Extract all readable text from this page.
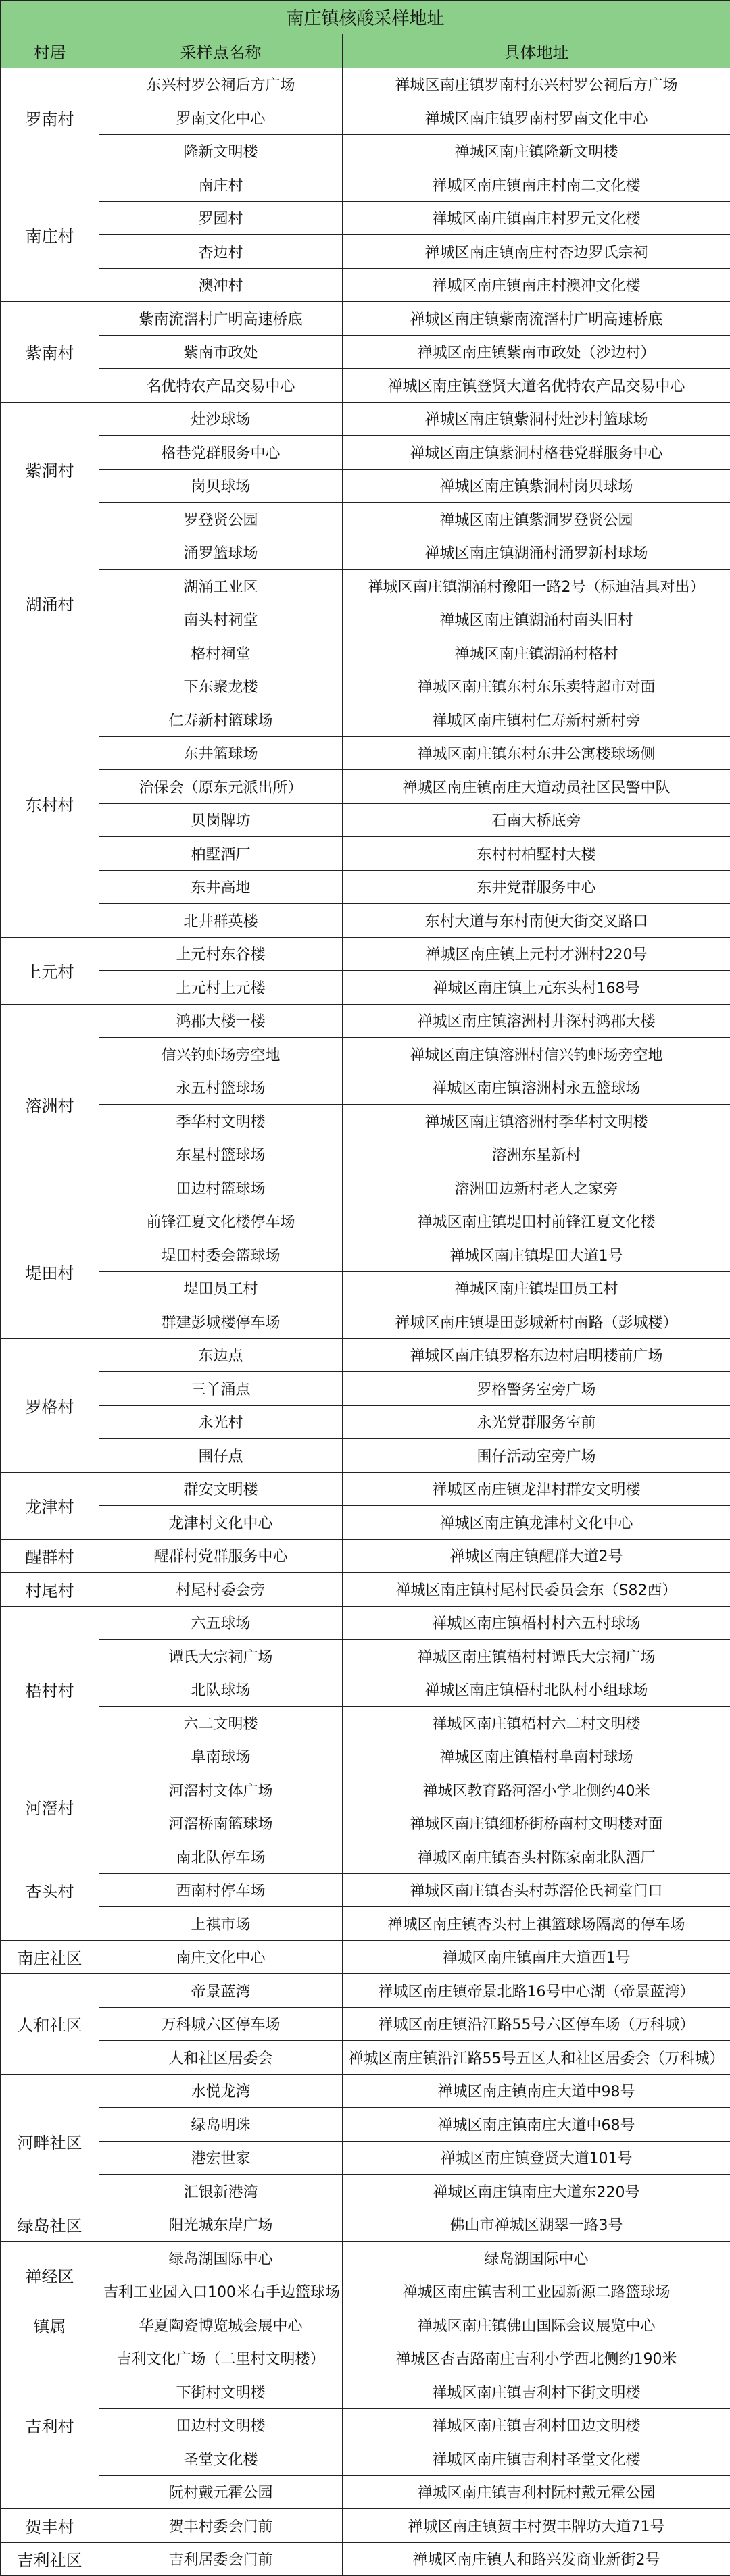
南庄镇核酸采样地址		
村居	采样点名称	具体地址
罗南村	东兴村罗公祠后方广场	禅城区南庄镇罗南村东兴村罗公祠后方广场
	罗南文化中心	禅城区南庄镇罗南村罗南文化中心
	隆新文明楼	禅城区南庄镇隆新文明楼
南庄村	南庄村	禅城区南庄镇南庄村南二文化楼
	罗园村	禅城区南庄镇南庄村罗元文化楼
	杏边村	禅城区南庄镇南庄村杏边罗氏宗祠
	澳冲村	禅城区南庄镇南庄村澳冲文化楼
紫南村	紫南流滘村广明高速桥底	禅城区南庄镇紫南流滘村广明高速桥底
	紫南市政处	禅城区南庄镇紫南市政处（沙边村）
	名优特农产品交易中心	禅城区南庄镇登贤大道名优特农产品交易中心
紫洞村	灶沙球场	禅城区南庄镇紫洞村灶沙村篮球场
	格巷党群服务中心	禅城区南庄镇紫洞村格巷党群服务中心
	岗贝球场	禅城区南庄镇紫洞村岗贝球场
	罗登贤公园	禅城区南庄镇紫洞罗登贤公园
湖涌村	涌罗篮球场	禅城区南庄镇湖涌村涌罗新村球场
	湖涌工业区	禅城区南庄镇湖涌村豫阳一路2号（标迪洁具对出）
	南头村祠堂	禅城区南庄镇湖涌村南头旧村
	格村祠堂	禅城区南庄镇湖涌村格村
东村村	下东聚龙楼	禅城区南庄镇东村东乐卖特超市对面
	仁寿新村篮球场	禅城区南庄镇村仁寿新村新村旁
	东井篮球场	禅城区南庄镇东村东井公寓楼球场侧
	治保会（原东元派出所）	禅城区南庄镇南庄大道动员社区民警中队
	贝岗牌坊	石南大桥底旁
	柏墅酒厂	东村村柏墅村大楼
	东井高地	东井党群服务中心
	北井群英楼	东村大道与东村南便大街交叉路口
上元村	上元村东谷楼	禅城区南庄镇上元村才洲村220号
	上元村上元楼	禅城区南庄镇上元东头村168号
溶洲村	鸿郡大楼一楼	禅城区南庄镇溶洲村井深村鸿郡大楼
	信兴钓虾场旁空地	禅城区南庄镇溶洲村信兴钓虾场旁空地
	永五村篮球场	禅城区南庄镇溶洲村永五篮球场
	季华村文明楼	禅城区南庄镇溶洲村季华村文明楼
	东星村篮球场	溶洲东星新村
	田边村篮球场	溶洲田边新村老人之家旁
堤田村	前锋江夏文化楼停车场	禅城区南庄镇堤田村前锋江夏文化楼
	堤田村委会篮球场	禅城区南庄镇堤田大道1号
	堤田员工村	禅城区南庄镇堤田员工村
	群建彭城楼停车场	禅城区南庄镇堤田彭城新村南路（彭城楼）
罗格村	东边点	禅城区南庄镇罗格东边村启明楼前广场
	三丫涌点	罗格警务室旁广场
	永光村	永光党群服务室前
	围仔点	围仔活动室旁广场
龙津村	群安文明楼	禅城区南庄镇龙津村群安文明楼
	龙津村文化中心	禅城区南庄镇龙津村文化中心
醒群村	醒群村党群服务中心	禅城区南庄镇醒群大道2号
村尾村	村尾村委会旁	禅城区南庄镇村尾村民委员会东（S82西）
梧村村	六五球场	禅城区南庄镇梧村村六五村球场
	谭氏大宗祠广场	禅城区南庄镇梧村村谭氏大宗祠广场
	北队球场	禅城区南庄镇梧村北队村小组球场
	六二文明楼	禅城区南庄镇梧村六二村文明楼
	阜南球场	禅城区南庄镇梧村阜南村球场
河滘村	河滘村文体广场	禅城区教育路河滘小学北侧约40米
	河滘桥南篮球场	禅城区南庄镇细桥街桥南村文明楼对面
杏头村	南北队停车场	禅城区南庄镇杏头村陈家南北队酒厂
	西南村停车场	禅城区南庄镇杏头村苏滘伦氏祠堂门口
	上祺市场	禅城区南庄镇杏头村上祺篮球场隔离的停车场
南庄社区	南庄文化中心	禅城区南庄镇南庄大道西1号
人和社区	帝景蓝湾	禅城区南庄镇帝景北路16号中心湖（帝景蓝湾）
	万科城六区停车场	禅城区南庄镇沿江路55号六区停车场（万科城）
	人和社区居委会	禅城区南庄镇沿江路55号五区人和社区居委会（万科城）
河畔社区	水悦龙湾	禅城区南庄镇南庄大道中98号
	绿岛明珠	禅城区南庄镇南庄大道中68号
	港宏世家	禅城区南庄镇登贤大道101号
	汇银新港湾	禅城区南庄镇南庄大道东220号
绿岛社区	阳光城东岸广场	佛山市禅城区湖翠一路3号
禅经区	绿岛湖国际中心	绿岛湖国际中心
	吉利工业园入口100米右手边篮球场	禅城区南庄镇吉利工业园新源二路篮球场
镇属	华夏陶瓷博览城会展中心	禅城区南庄镇佛山国际会议展览中心
吉利村	吉利文化广场（二里村文明楼）	禅城区杏吉路南庄吉利小学西北侧约190米
	下街村文明楼	禅城区南庄镇吉利村下街文明楼
	田边村文明楼	禅城区南庄镇吉利村田边文明楼
	圣堂文化楼	禅城区南庄镇吉利村圣堂文化楼
	阮村戴元霍公园	禅城区南庄镇吉利村阮村戴元霍公园
贺丰村	贺丰村委会门前	禅城区南庄镇贺丰村贺丰牌坊大道71号
吉利社区	吉利居委会门前	禅城区南庄镇人和路兴发商业新街2号
